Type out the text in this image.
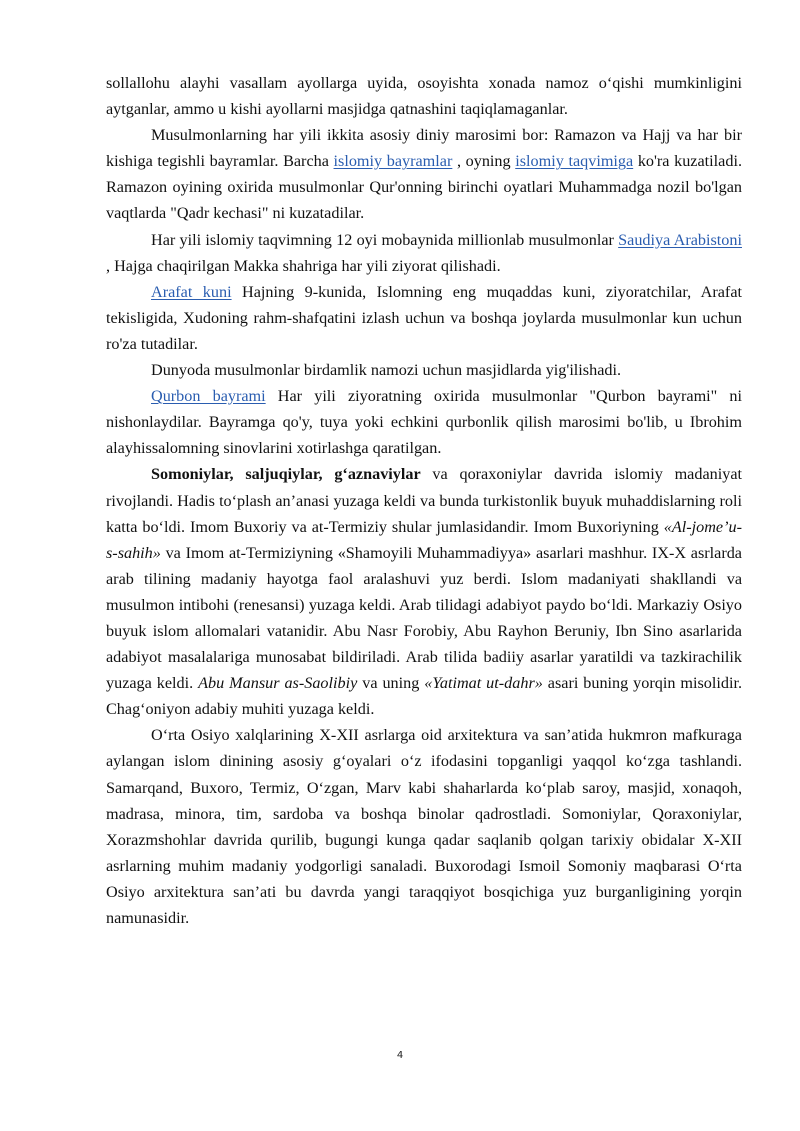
sollallohu alayhi vasallam ayollarga uyida, osoyishta xonada namoz o‘qishi mumkinligini aytganlar, ammo u kishi ayollarni masjidga qatnashini taqiqlamaganlar.

Musulmonlarning har yili ikkita asosiy diniy marosimi bor: Ramazon va Hajj va har bir kishiga tegishli bayramlar. Barcha islomiy bayramlar , oyning islomiy taqvimiga ko'ra kuzatiladi. Ramazon oyining oxirida musulmonlar Qur'onning birinchi oyatlari Muhammadga nozil bo'lgan vaqtlarda "Qadr kechasi" ni kuzatadilar.

Har yili islomiy taqvimning 12 oyi mobaynida millionlab musulmonlar Saudiya Arabistoni , Hajga chaqirilgan Makka shahriga har yili ziyorat qilishadi.

Arafat kuni Hajning 9-kunida, Islomning eng muqaddas kuni, ziyoratchilar, Arafat tekisligida, Xudoning rahm-shafqatini izlash uchun va boshqa joylarda musulmonlar kun uchun ro'za tutadilar.

Dunyoda musulmonlar birdamlik namozi uchun masjidlarda yig'ilishadi.

Qurbon bayrami Har yili ziyoratning oxirida musulmonlar "Qurbon bayrami" ni nishonlaydilar. Bayramga qo'y, tuya yoki echkini qurbonlik qilish marosimi bo'lib, u Ibrohim alayhissalomning sinovlarini xotirlashga qaratilgan.

Somoniylar, saljuqiylar, g‘aznaviylar va qoraxoniylar davrida islomiy madaniyat rivojlandi. Hadis to‘plash an’anasi yuzaga keldi va bunda turkistonlik buyuk muhaddislarning roli katta bo‘ldi. Imom Buxoriy va at-Termiziy shular jumlasidandir. Imom Buxoriyning «Al-jome’u-s-sahih» va Imom at-Termiziyning «Shamoyili Muhammadiyya» asarlari mashhur. IX-X asrlarda arab tilining madaniy hayotga faol aralashuvi yuz berdi. Islom madaniyati shakllandi va musulmon intibohi (renesansi) yuzaga keldi. Arab tilidagi adabiyot paydo bo‘ldi. Markaziy Osiyo buyuk islom allomalari vatanidir. Abu Nasr Forobiy, Abu Rayhon Beruniy, Ibn Sino asarlarida adabiyot masalalariga munosabat bildiriladi. Arab tilida badiiy asarlar yaratildi va tazkirachilik yuzaga keldi. Abu Mansur as-Saolibiy va uning «Yatimat ut-dahr» asari buning yorqin misolidir. Chag‘oniyon adabiy muhiti yuzaga keldi.

O‘rta Osiyo xalqlarining X-XII asrlarga oid arxitektura va san’atida hukmron mafkuraga aylangan islom dinining asosiy g‘oyalari o‘z ifodasini topganligi yaqqol ko‘zga tashlandi. Samarqand, Buxoro, Termiz, O‘zgan, Marv kabi shaharlarda ko‘plab saroy, masjid, xonaqoh, madrasa, minora, tim, sardoba va boshqa binolar qadrostladi. Somoniylar, Qoraxoniylar, Xorazmshohlar davrida qurilib, bugungi kunga qadar saqlanib qolgan tarixiy obidalar X-XII asrlarning muhim madaniy yodgorligi sanaladi. Buxorodagi Ismoil Somoniy maqbarasi O‘rta Osiyo arxitektura san’ati bu davrda yangi taraqqiyot bosqichiga yuz burganligining yorqin namunasidir.

4
